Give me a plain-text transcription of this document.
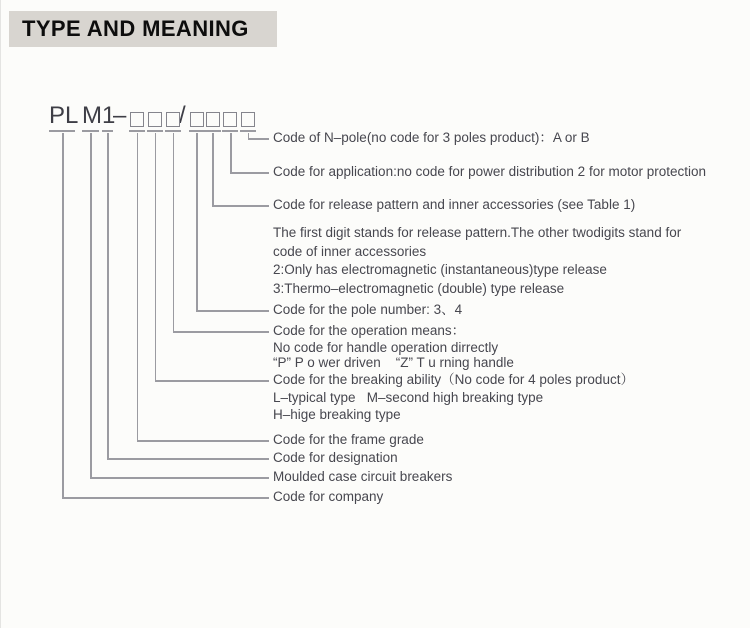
TYPE AND MEANING
PL M 1
– /
Code of N–pole(no code for 3 poles product)：A or B
Code for application:no code for power distribution 2 for motor protection
Code for release pattern and inner accessories (see Table 1)
The first digit stands for release pattern.The other twodigits stand for
code of inner accessories
2:Only has electromagnetic (instantaneous)type release
3:Thermo–electromagnetic (double) type release
Code for the pole number: 3、4
Code for the operation means：
No code for handle operation dirrectly
“P” P o wer driven    “Z” T u rning handle
Code for the breaking ability（No code for 4 poles product）
L–typical type   M–second high breaking type
H–hige breaking type
Code for the frame grade
Code for designation
Moulded case circuit breakers
Code for company
